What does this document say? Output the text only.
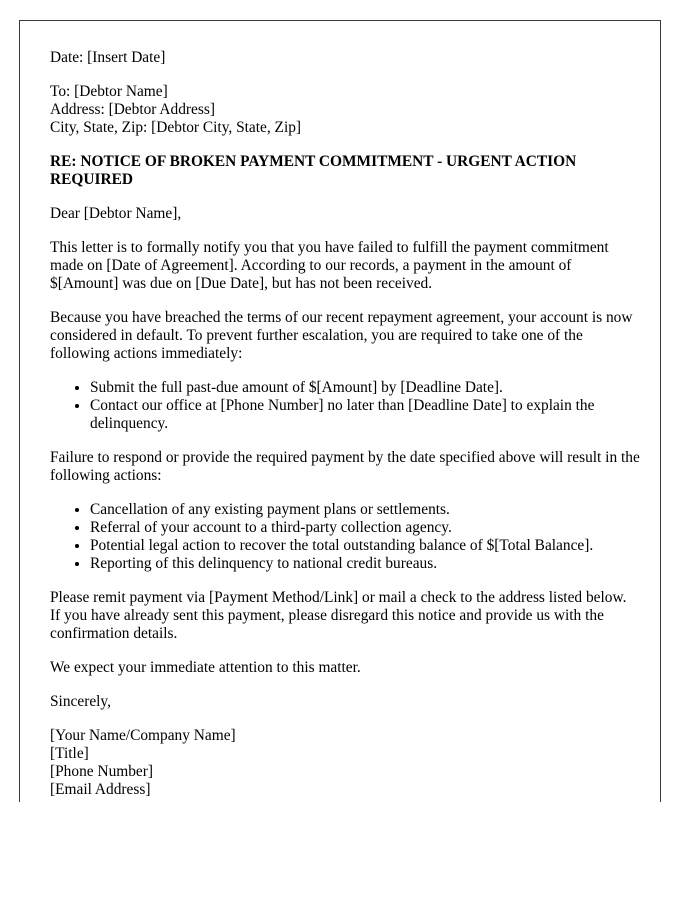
Date: [Insert Date]

To: [Debtor Name]

Address: [Debtor Address]

City, State, Zip: [Debtor City, State, Zip]

RE: NOTICE OF BROKEN PAYMENT COMMITMENT - URGENT ACTION REQUIRED

Dear [Debtor Name],

This letter is to formally notify you that you have failed to fulfill the payment commitment made on [Date of Agreement]. According to our records, a payment in the amount of $[Amount] was due on [Due Date], but has not been received.

Because you have breached the terms of our recent repayment agreement, your account is now considered in default. To prevent further escalation, you are required to take one of the following actions immediately:

• Submit the full past-due amount of $[Amount] by [Deadline Date].
• Contact our office at [Phone Number] no later than [Deadline Date] to explain the delinquency.

Failure to respond or provide the required payment by the date specified above will result in the following actions:

• Cancellation of any existing payment plans or settlements.
• Referral of your account to a third-party collection agency.
• Potential legal action to recover the total outstanding balance of $[Total Balance].
• Reporting of this delinquency to national credit bureaus.

Please remit payment via [Payment Method/Link] or mail a check to the address listed below. If you have already sent this payment, please disregard this notice and provide us with the confirmation details.

We expect your immediate attention to this matter.

Sincerely,

[Your Name/Company Name]

[Title]

[Phone Number]

[Email Address]
